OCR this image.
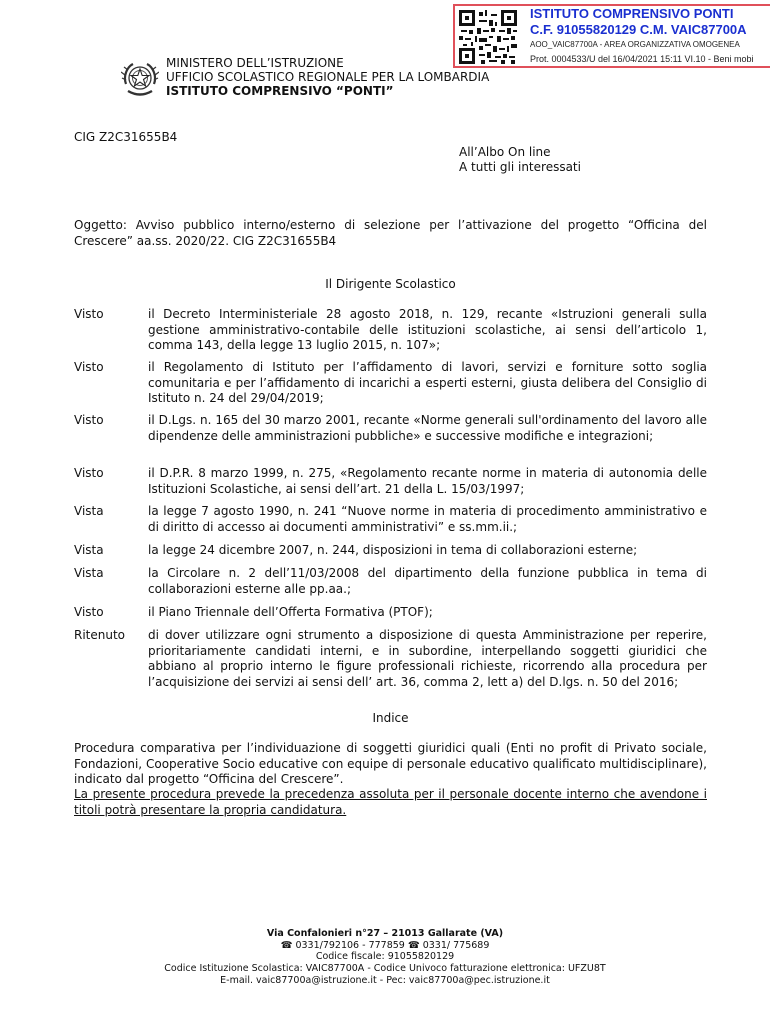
ISTITUTO COMPRENSIVO PONTI
C.F. 91055820129 C.M. VAIC87700A
AOO_VAIC87700A - AREA ORGANIZZATIVA OMOGENEA
Prot. 0004533/U del 16/04/2021 15:11 VI.10 - Beni mobi
MINISTERO DELL’ISTRUZIONE
UFFICIO SCOLASTICO REGIONALE PER LA LOMBARDIA
ISTITUTO COMPRENSIVO “PONTI”
CIG Z2C31655B4
All’Albo On line
A tutti gli interessati
Oggetto: Avviso pubblico interno/esterno di selezione per l’attivazione del progetto “Officina del Crescere” aa.ss. 2020/22. CIG Z2C31655B4
Il Dirigente Scolastico
Visto	il Decreto Interministeriale 28 agosto 2018, n. 129, recante «Istruzioni generali sulla gestione amministrativo-contabile delle istituzioni scolastiche, ai sensi dell’articolo 1, comma 143, della legge 13 luglio 2015, n. 107»;
Visto	il Regolamento di Istituto per l’affidamento di lavori, servizi e forniture sotto soglia comunitaria e per l’affidamento di incarichi a esperti esterni, giusta delibera del Consiglio di Istituto n. 24 del 29/04/2019;
Visto	il D.Lgs. n. 165 del 30 marzo 2001, recante «Norme generali sull'ordinamento del lavoro alle dipendenze delle amministrazioni pubbliche» e successive modifiche e integrazioni;
Visto	il D.P.R. 8 marzo 1999, n. 275, «Regolamento recante norme in materia di autonomia delle Istituzioni Scolastiche, ai sensi dell’art. 21 della L. 15/03/1997;
Vista	la legge 7 agosto 1990, n. 241 “Nuove norme in materia di procedimento amministrativo e di diritto di accesso ai documenti amministrativi” e ss.mm.ii.;
Vista	la legge 24 dicembre 2007, n. 244, disposizioni in tema di collaborazioni esterne;
Vista	la Circolare n. 2 dell’11/03/2008 del dipartimento della funzione pubblica in tema di collaborazioni esterne alle pp.aa.;
Visto	il Piano Triennale dell’Offerta Formativa (PTOF);
Ritenuto di dover utilizzare ogni strumento a disposizione di questa Amministrazione per reperire, prioritariamente candidati interni, e in subordine, interpellando soggetti giuridici che abbiano al proprio interno le figure professionali richieste, ricorrendo alla procedura per l’acquisizione dei servizi ai sensi dell’ art. 36, comma 2, lett a) del D.lgs. n. 50 del 2016;
Indice
Procedura comparativa per l’individuazione di soggetti giuridici quali (Enti no profit di Privato sociale, Fondazioni, Cooperative Socio educative con equipe di personale educativo qualificato multidisciplinare), indicato dal progetto “Officina del Crescere”.
La presente procedura prevede la precedenza assoluta per il personale docente interno che avendone i titoli potrà presentare la propria candidatura.
Via Confalonieri n°27 – 21013 Gallarate (VA)
☎ 0331/792106 - 777859 ☎ 0331/ 775689
Codice fiscale: 91055820129
Codice Istituzione Scolastica: VAIC87700A - Codice Univoco fatturazione elettronica: UFZU8T
E-mail. vaic87700a@istruzione.it - Pec: vaic87700a@pec.istruzione.it
